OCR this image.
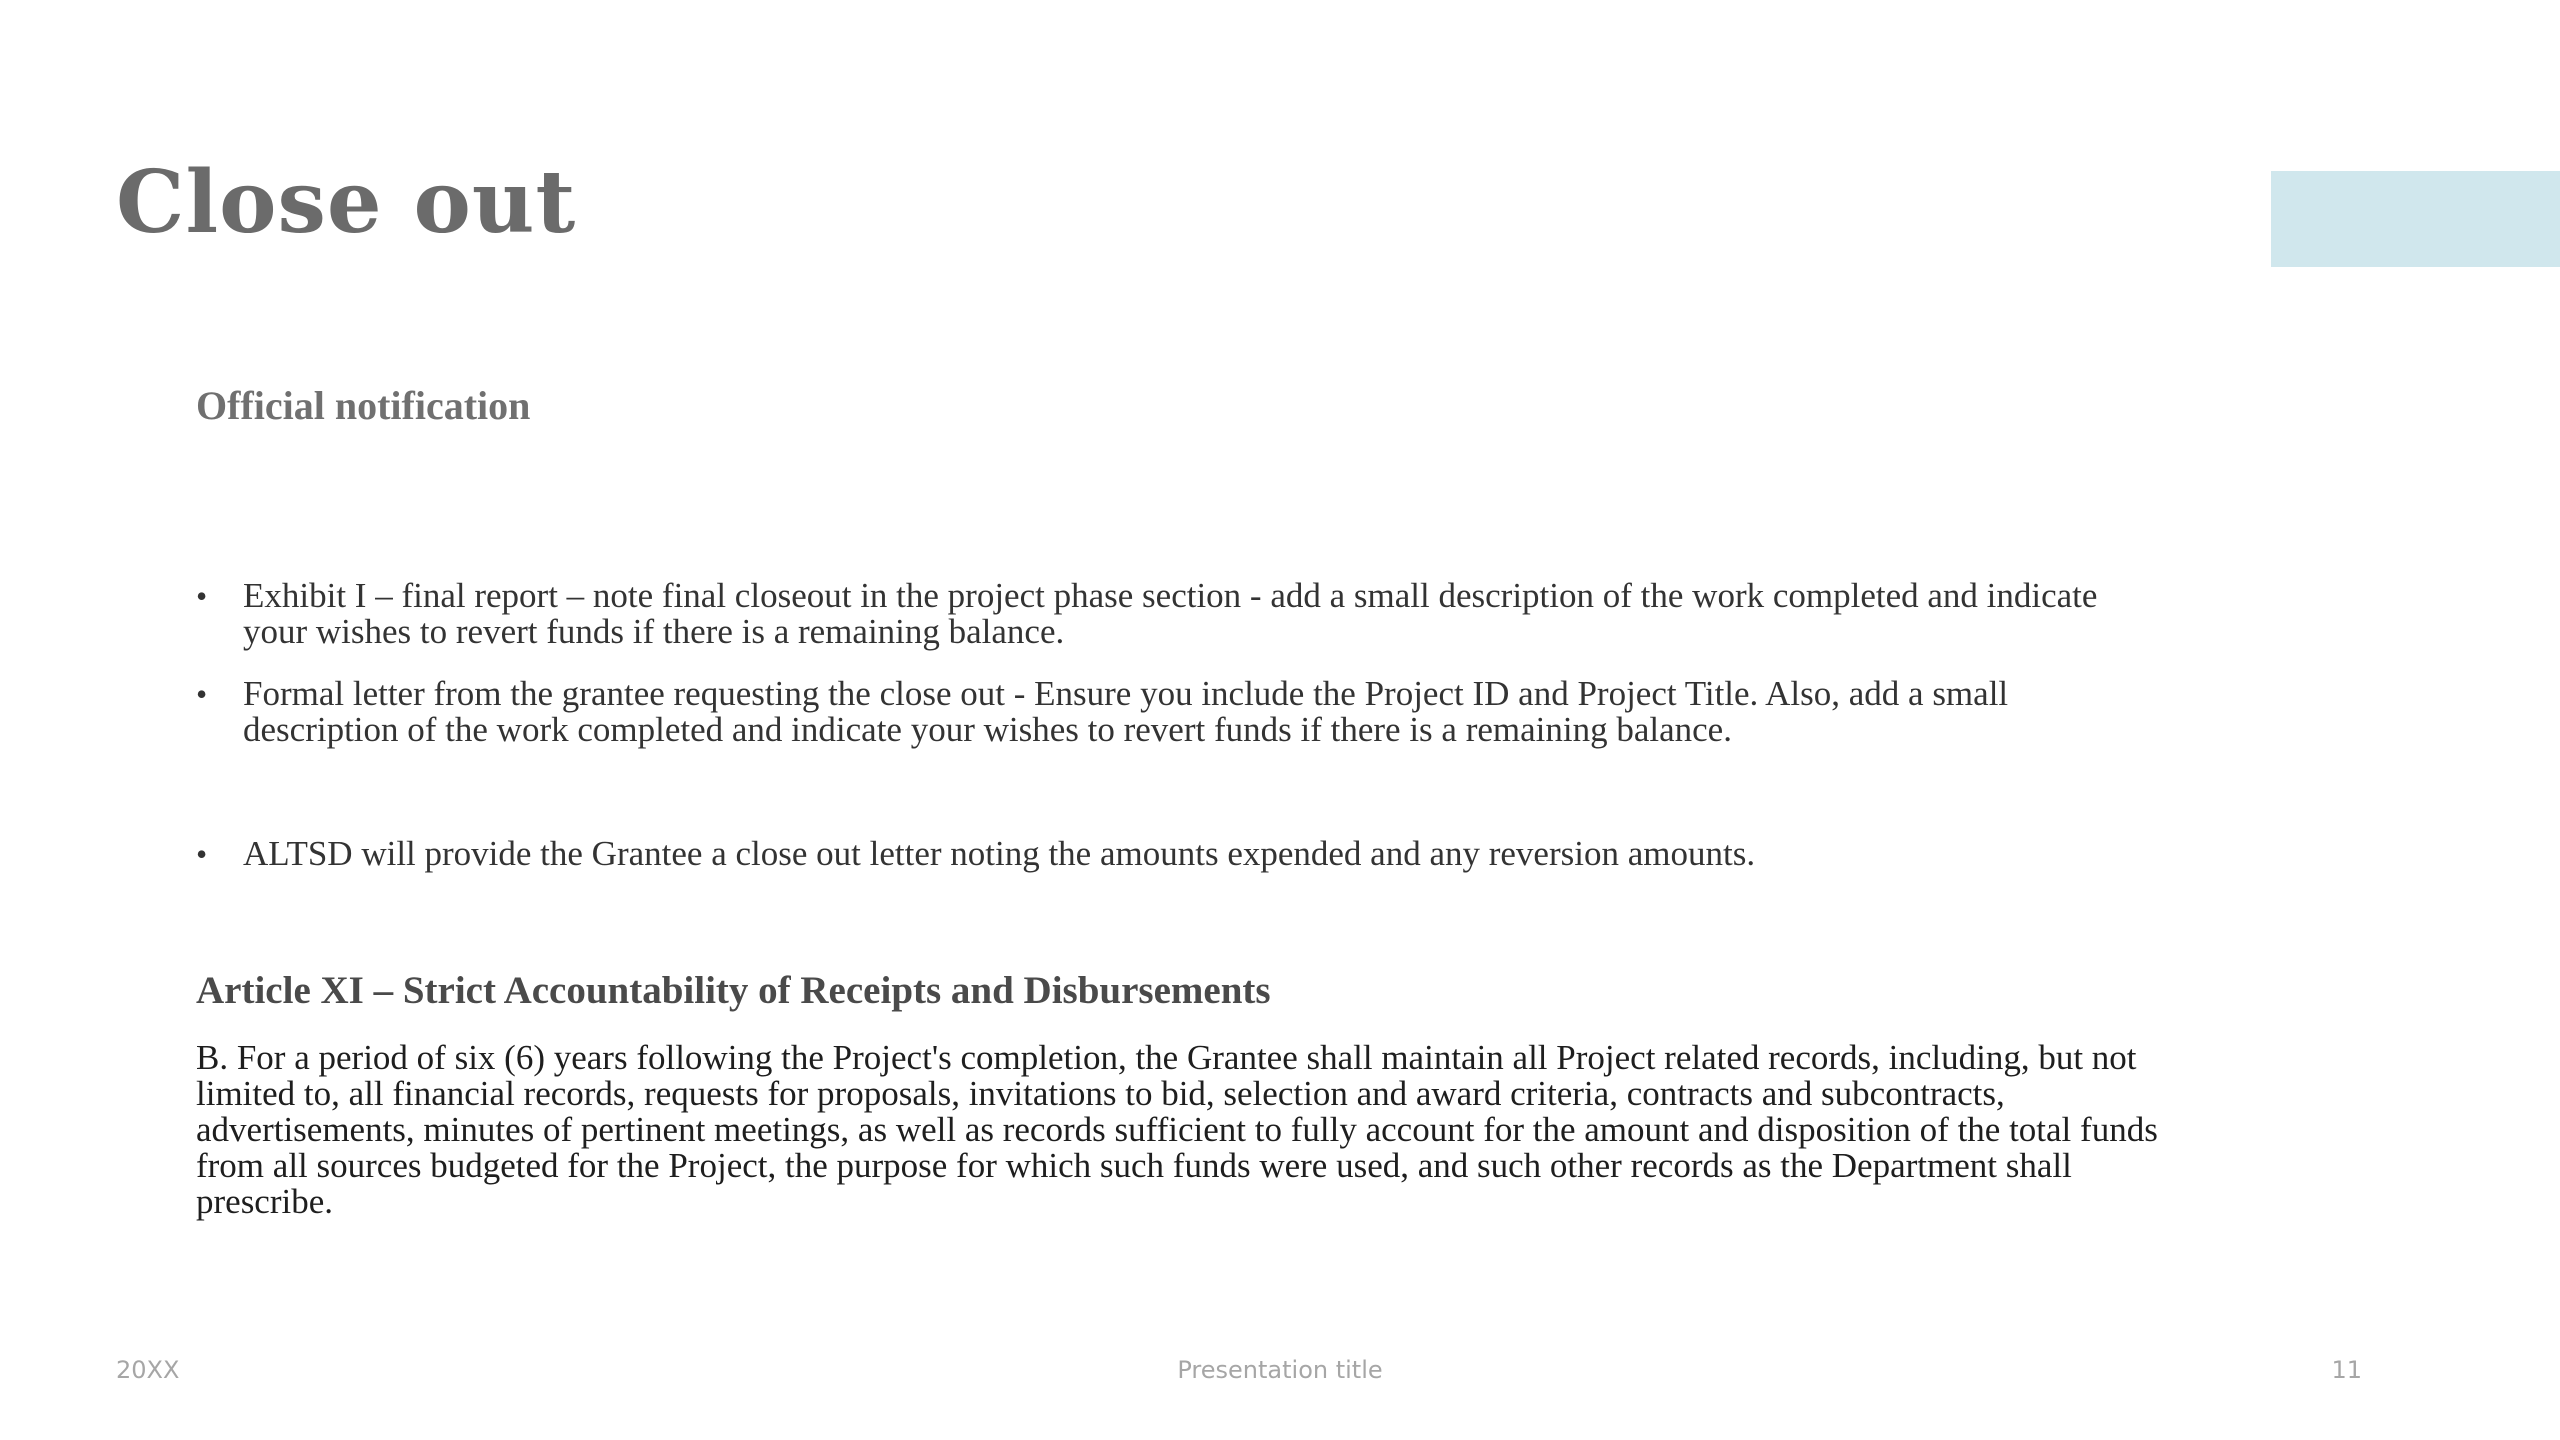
Close out
Official notification
• Exhibit I – final report – note final closeout in the project phase section - add a small description of the work completed and indicate your wishes to revert funds if there is a remaining balance.
• Formal letter from the grantee requesting the close out - Ensure you include the Project ID and Project Title. Also, add a small description of the work completed and indicate your wishes to revert funds if there is a remaining balance.
• ALTSD will provide the Grantee a close out letter noting the amounts expended and any reversion amounts.
Article XI – Strict Accountability of Receipts and Disbursements

B. For a period of six (6) years following the Project's completion, the Grantee shall maintain all Project related records, including, but not limited to, all financial records, requests for proposals, invitations to bid, selection and award criteria, contracts and subcontracts, advertisements, minutes of pertinent meetings, as well as records sufficient to fully account for the amount and disposition of the total funds from all sources budgeted for the Project, the purpose for which such funds were used, and such other records as the Department shall prescribe.

Presentation title
20XX	11
